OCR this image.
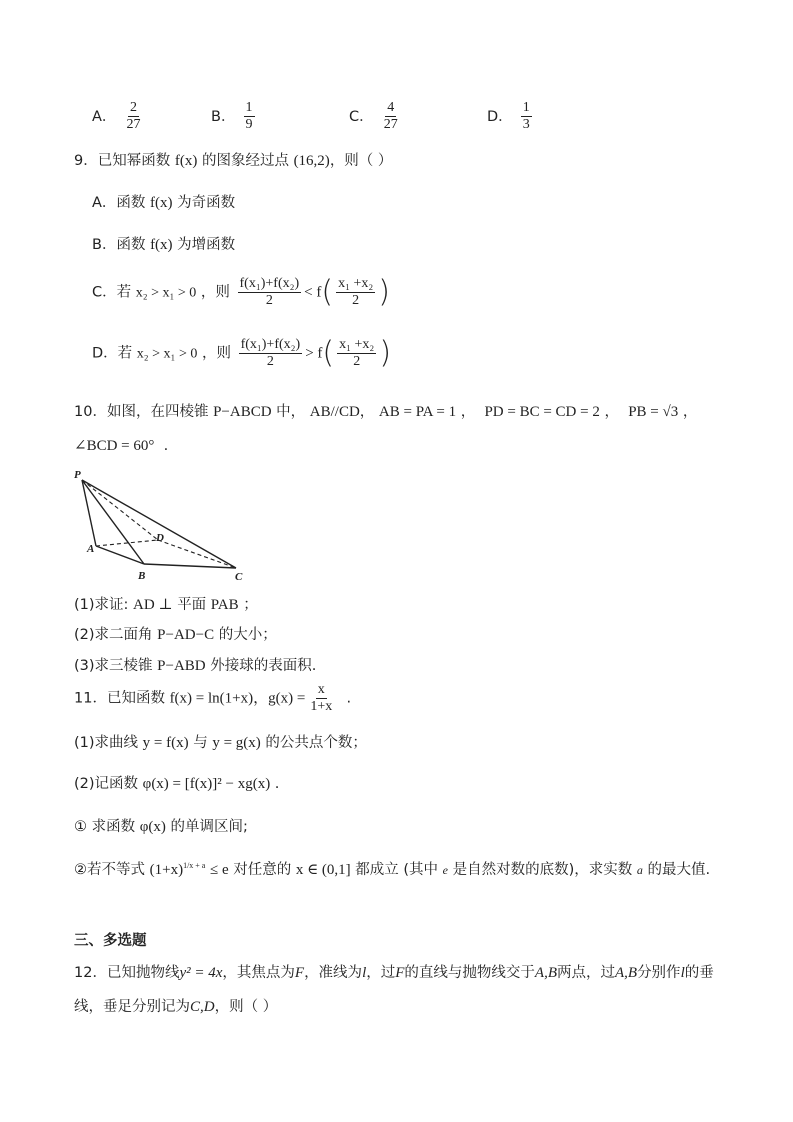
A． $\frac{2}{27}$	B． $\frac{1}{9}$	C． $\frac{4}{27}$	D． $\frac{1}{3}$
9．已知幂函数 f(x) 的图象经过点 (16,2)，则（ ）
A．函数 f(x) 为奇函数
B．函数 f(x) 为增函数
C．若 x₂ > x₁ > 0 ，则 $\frac{\text{f(x₁)+f(x₂)}}{2} < f( \frac{\text{x₁ +x₂}}{2}$ )
D．若 x₂ > x₁ > 0 ，则 $\frac{\text{f(x₁)+f(x₂)}}{2} > f( \frac{\text{x₁ +x₂}}{2}$ )
10．如图，在四棱锥 P−ABCD 中， AB//CD， AB = PA = 1 ， PD = BC = CD = 2 ， PB = √3 ，
∠BCD = 60° .
P
A
B	C
D
(1)求证: AD ⊥ 平面 PAB ；
(2)求二面角 P−AD−C 的大小；
(3)求三棱锥 P−ABD 外接球的表面积.
11．已知函数 f(x) = ln(1+x)，$g(x) = \frac{x}{1+x}$ .
(1)求曲线 y = f(x) 与 y = g(x) 的公共点个数；
(2)记函数 φ(x) = [f(x)]² − xg(x) .
① 求函数 φ(x) 的单调区间;
②若不等式 $(1+x)^{1/x + a} \le e$ 对任意的 x ∈ (0,1] 都成立 (其中 e 是自然对数的底数)，求实数 a 的最大值.
三、多选题
12．已知抛物线y² = 4x，其焦点为F，准线为l，过F的直线与抛物线交于A,B两点，过A,B分别作l的垂
线，垂足分别记为C,D，则（ ）
